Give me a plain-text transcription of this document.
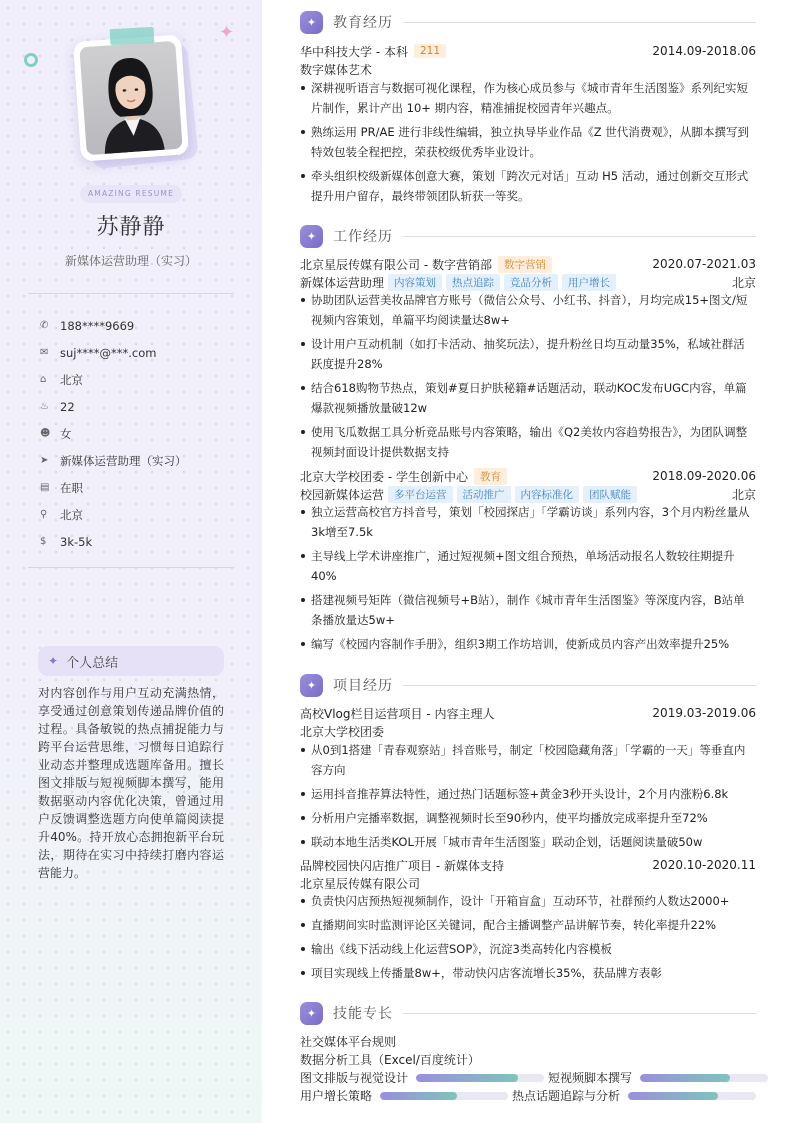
✦
AMAZING RESUME
苏静静
新媒体运营助理（实习）
✆	188****9669
✉	suj****@***.com
⌂	北京
♨ 22
☻ 女
➤	新媒体运营助理（实习）
▤ 在职
⚲	北京
$	3k-5k
✦ 个人总结
对内容创作与用户互动充满热情，享受通过创意策划传递品牌价值的过程。具备敏锐的热点捕捉能力与跨平台运营思维，习惯每日追踪行业动态并整理成选题库备用。擅长图文排版与短视频脚本撰写，能用数据驱动内容优化决策，曾通过用户反馈调整选题方向使单篇阅读提升40%。持开放心态拥抱新平台玩法，期待在实习中持续打磨内容运营能力。
✦	教育经历
华中科技大学 - 本科	211	2014.09-2018.06
数字媒体艺术
深耕视听语言与数据可视化课程，作为核心成员参与《城市青年生活图鉴》系列纪实短片制作，累计产出 10+ 期内容，精准捕捉校园青年兴趣点。
熟练运用 PR/AE 进行非线性编辑，独立执导毕业作品《Z 世代消费观》，从脚本撰写到特效包装全程把控，荣获校级优秀毕业设计。
牵头组织校级新媒体创意大赛，策划「跨次元对话」互动 H5 活动，通过创新交互形式提升用户留存，最终带领团队斩获一等奖。
✦	工作经历
北京星辰传媒有限公司 - 数字营销部	数字营销	2020.07-2021.03
新媒体运营助理 内容策划	热点追踪	竞品分析	用户增长	北京
协助团队运营美妆品牌官方账号（微信公众号、小红书、抖音），月均完成15+图文/短视频内容策划，单篇平均阅读量达8w+
设计用户互动机制（如打卡活动、抽奖玩法），提升粉丝日均互动量35%，私域社群活跃度提升28%
结合618购物节热点，策划#夏日护肤秘籍#话题活动，联动KOC发布UGC内容，单篇爆款视频播放量破12w
使用飞瓜数据工具分析竞品账号内容策略，输出《Q2美妆内容趋势报告》，为团队调整视频封面设计提供数据支持
北京大学校团委 - 学生创新中心	教育	2018.09-2020.06
校园新媒体运营 多平台运营	活动推广	内容标准化	团队赋能	北京
独立运营高校官方抖音号，策划「校园探店」「学霸访谈」系列内容，3个月内粉丝量从3k增至7.5k
主导线上学术讲座推广，通过短视频+图文组合预热，单场活动报名人数较往期提升40%
搭建视频号矩阵（微信视频号+B站），制作《城市青年生活图鉴》等深度内容，B站单条播放量达5w+
编写《校园内容制作手册》，组织3期工作坊培训，使新成员内容产出效率提升25%
✦	项目经历
高校Vlog栏目运营项目 - 内容主理人	2019.03-2019.06
北京大学校团委
从0到1搭建「青春观察站」抖音账号，制定「校园隐藏角落」「学霸的一天」等垂直内容方向
运用抖音推荐算法特性，通过热门话题标签+黄金3秒开头设计，2个月内涨粉6.8k
分析用户完播率数据，调整视频时长至90秒内，使平均播放完成率提升至72%
联动本地生活类KOL开展「城市青年生活图鉴」联动企划，话题阅读量破50w
品牌校园快闪店推广项目 - 新媒体支持	2020.10-2020.11
北京星辰传媒有限公司
负责快闪店预热短视频制作，设计「开箱盲盒」互动环节，社群预约人数达2000+
直播期间实时监测评论区关键词，配合主播调整产品讲解节奏，转化率提升22%
输出《线下活动线上化运营SOP》，沉淀3类高转化内容模板
项目实现线上传播量8w+，带动快闪店客流增长35%，获品牌方表彰
✦	技能专长
社交媒体平台规则
数据分析工具（Excel/百度统计）
图文排版与视觉设计	短视频脚本撰写
用户增长策略	热点话题追踪与分析
